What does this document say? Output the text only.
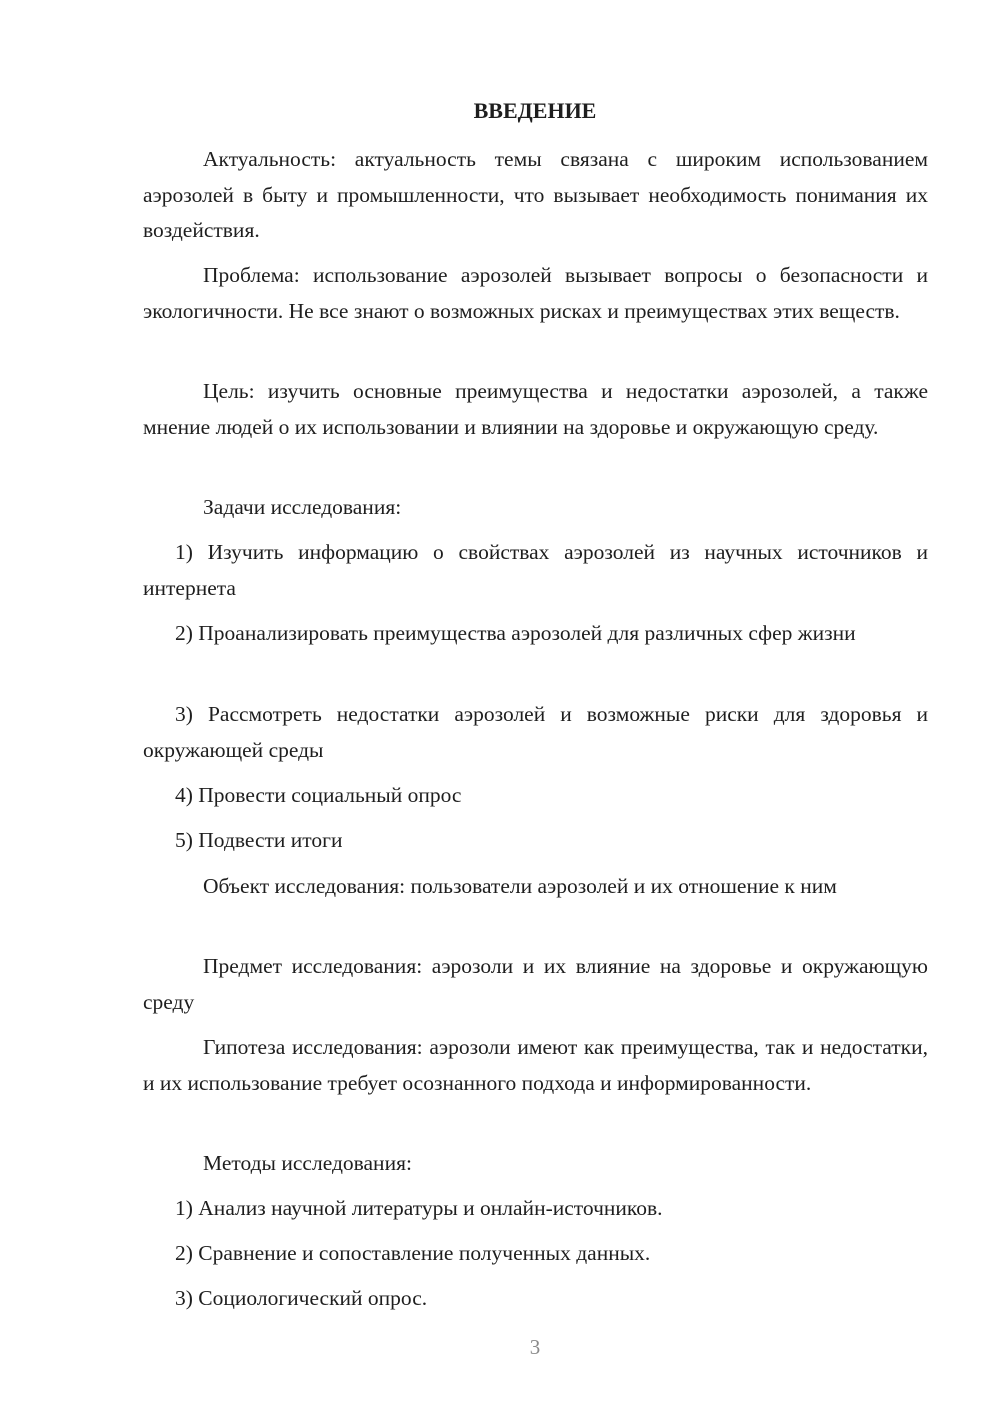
ВВЕДЕНИЕ

Актуальность: актуальность темы связана с широким использованием аэрозолей в быту и промышленности, что вызывает необходимость понимания их воздействия.

Проблема: использование аэрозолей вызывает вопросы о безопасности и экологичности. Не все знают о возможных рисках и преимуществах этих веществ.

Цель: изучить основные преимущества и недостатки аэрозолей, а также мнение людей о их использовании и влиянии на здоровье и окружающую среду.

Задачи исследования:

1) Изучить информацию о свойствах аэрозолей из научных источников и интернета

2) Проанализировать преимущества аэрозолей для различных сфер жизни

3) Рассмотреть недостатки аэрозолей и возможные риски для здоровья и окружающей среды

4) Провести социальный опрос

5) Подвести итоги

Объект исследования: пользователи аэрозолей и их отношение к ним

Предмет исследования: аэрозоли и их влияние на здоровье и окружающую среду

Гипотеза исследования: аэрозоли имеют как преимущества, так и недостатки, и их использование требует осознанного подхода и информированности.

Методы исследования:

1) Анализ научной литературы и онлайн-источников.

2) Сравнение и сопоставление полученных данных.

3) Социологический опрос.

3
